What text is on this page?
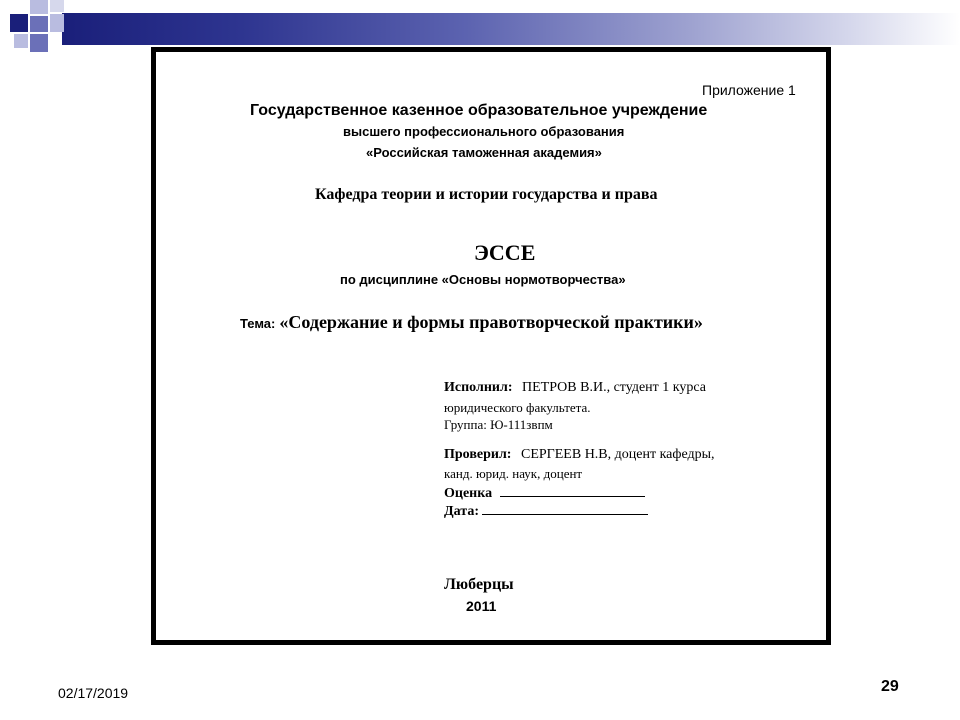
Приложение 1
Государственное казенное образовательное учреждение
высшего профессионального образования
«Российская таможенная академия»
Кафедра теории и истории государства и права
ЭССЕ
по дисциплине «Основы нормотворчества»
Тема: «Содержание и формы правотворческой практики»
Исполнил: ПЕТРОВ В.И., студент 1 курса
юридического факультета.
Группа: Ю-111звпм
Проверил: СЕРГЕЕВ Н.В, доцент кафедры,
канд. юрид. наук, доцент
Оценка
Дата:
Люберцы
2011
02/17/2019	29
